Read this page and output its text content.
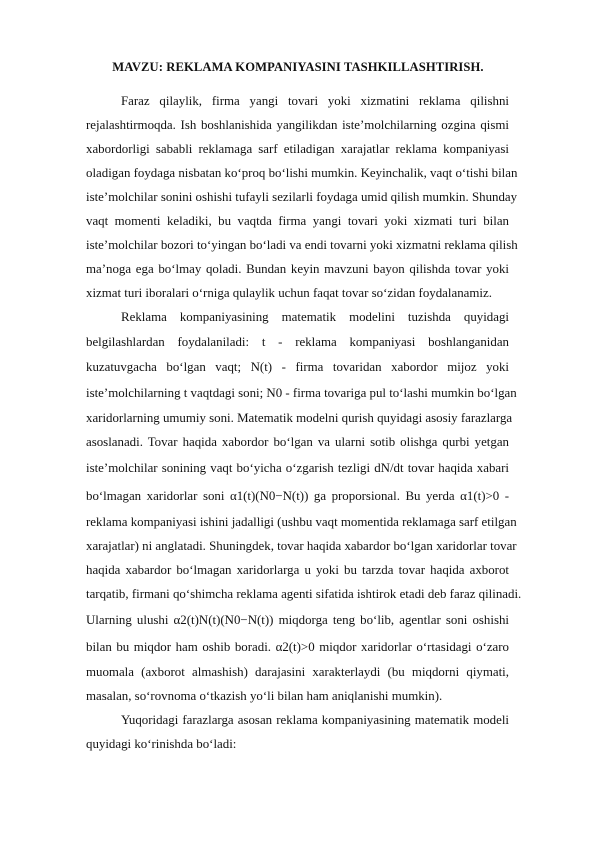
MAVZU: REKLAMA KOMPANIYASINI TASHKILLASHTIRISH.
Faraz qilaylik, firma yangi tovari yoki xizmatini reklama qilishni
rejalashtirmoqda. Ish boshlanishida yangilikdan iste’molchilarning ozgina qismi
xabordorligi sababli reklamaga sarf etiladigan xarajatlar reklama kompaniyasi
oladigan foydaga nisbatan ko‘proq bo‘lishi mumkin. Keyinchalik, vaqt o‘tishi bilan
iste’molchilar sonini oshishi tufayli sezilarli foydaga umid qilish mumkin. Shunday
vaqt momenti keladiki, bu vaqtda firma yangi tovari yoki xizmati turi bilan
iste’molchilar bozori to‘yingan bo‘ladi va endi tovarni yoki xizmatni reklama qilish
ma’noga ega bo‘lmay qoladi. Bundan keyin mavzuni bayon qilishda tovar yoki
xizmat turi iboralari o‘rniga qulaylik uchun faqat tovar so‘zidan foydalanamiz.
Reklama kompaniyasining matematik modelini tuzishda quyidagi
belgilashlardan foydalaniladi: t - reklama kompaniyasi boshlanganidan
kuzatuvgacha bo‘lgan vaqt; N(t) - firma tovaridan xabordor mijoz yoki
iste’molchilarning t vaqtdagi soni; N0 - firma tovariga pul to‘lashi mumkin bo‘lgan
xaridorlarning umumiy soni. Matematik modelni qurish quyidagi asosiy farazlarga
asoslanadi. Tovar haqida xabordor bo‘lgan va ularni sotib olishga qurbi yetgan
iste’molchilar sonining vaqt bo‘yicha o‘zgarish tezligi dN/dt tovar haqida xabari
bo‘lmagan xaridorlar soni α1(t)(N0−N(t)) ga proporsional. Bu yerda α1(t)>0 -
reklama kompaniyasi ishini jadalligi (ushbu vaqt momentida reklamaga sarf etilgan
xarajatlar) ni anglatadi. Shuningdek, tovar haqida xabardor bo‘lgan xaridorlar tovar
haqida xabardor bo‘lmagan xaridorlarga u yoki bu tarzda tovar haqida axborot
tarqatib, firmani qo‘shimcha reklama agenti sifatida ishtirok etadi deb faraz qilinadi.
Ularning ulushi α2(t)N(t)(N0−N(t)) miqdorga teng bo‘lib, agentlar soni oshishi
bilan bu miqdor ham oshib boradi. α2(t)>0 miqdor xaridorlar o‘rtasidagi o‘zaro
muomala (axborot almashish) darajasini xarakterlaydi (bu miqdorni qiymati,
masalan, so‘rovnoma o‘tkazish yo‘li bilan ham aniqlanishi mumkin).
Yuqoridagi farazlarga asosan reklama kompaniyasining matematik modeli
quyidagi ko‘rinishda bo‘ladi:
